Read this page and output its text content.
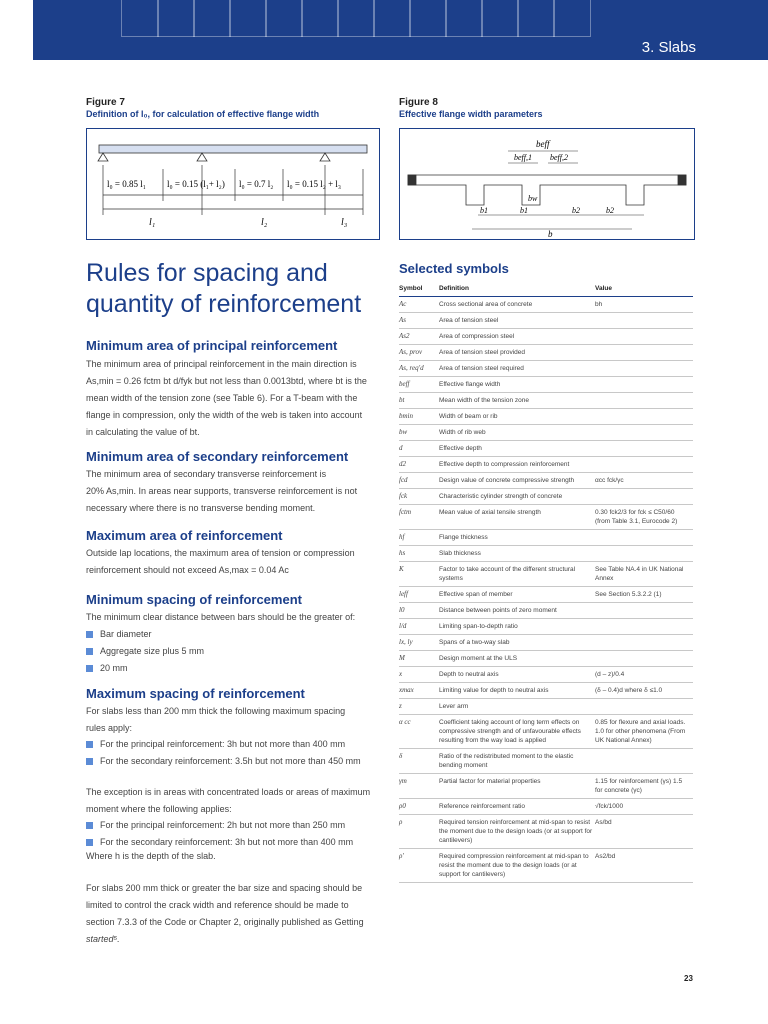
3. Slabs
Figure 7
Definition of l₀, for calculation of effective flange width
l₀ = 0.85 l₁ l₀ = 0.15 (l₁+ l₂) l₀ = 0.7 l₂ l₀ = 0.15 l₂ + l₃
l₁	l₂	l₃
Figure 8
Effective flange width parameters
beff
beff,1 beff,2
bw
b1	b1	b2	b2
b
Rules for spacing and
quantity of reinforcement
Minimum area of principal reinforcement
The minimum area of principal reinforcement in the main direction is
As,min = 0.26 fctm bt d/fyk but not less than 0.0013btd, where bt is the
mean width of the tension zone (see Table 6). For a T-beam with the
flange in compression, only the width of the web is taken into account
in calculating the value of bt.
Minimum area of secondary reinforcement
The minimum area of secondary transverse reinforcement is
20% As,min. In areas near supports, transverse reinforcement is not
necessary where there is no transverse bending moment.
Maximum area of reinforcement
Outside lap locations, the maximum area of tension or compression
reinforcement should not exceed As,max = 0.04 Ac
Minimum spacing of reinforcement
The minimum clear distance between bars should be the greater of:
Bar diameter
Aggregate size plus 5 mm
20 mm
Maximum spacing of reinforcement
For slabs less than 200 mm thick the following maximum spacing
rules apply:
For the principal reinforcement: 3h but not more than 400 mm
For the secondary reinforcement: 3.5h but not more than 450 mm
The exception is in areas with concentrated loads or areas of maximum
moment where the following applies:
For the principal reinforcement: 2h but not more than 250 mm
For the secondary reinforcement: 3h but not more than 400 mm
Where h is the depth of the slab.
For slabs 200 mm thick or greater the bar size and spacing should be
limited to control the crack width and reference should be made to
section 7.3.3 of the Code or Chapter 2, originally published as Getting
started⁵.
Selected symbols
Symbol	Definition	Value
Ac	Cross sectional area of concrete	bh
As	Area of tension steel	
As2	Area of compression steel	
As, prov	Area of tension steel provided	
As, req'd	Area of tension steel required	
beff	Effective flange width	
bt	Mean width of the tension zone	
bmin	Width of beam or rib	
bw	Width of rib web	
d	Effective depth	
d2	Effective depth to compression reinforcement	
fcd	Design value of concrete compressive strength	αcc fck/γc
fck	Characteristic cylinder strength of concrete	
fctm	Mean value of axial tensile strength	0.30 fck2/3 for fck ≤ C50/60 (from Table 3.1, Eurocode 2)
hf	Flange thickness	
hs	Slab thickness	
K	Factor to take account of the different structural systems	See Table NA.4 in UK National Annex
leff	Effective span of member	See Section 5.3.2.2 (1)
l0	Distance between points of zero moment	
l/d	Limiting span-to-depth ratio	
lx, ly	Spans of a two-way slab	
M	Design moment at the ULS	
x	Depth to neutral axis	(d – z)/0.4
xmax	Limiting value for depth to neutral axis	(δ – 0.4)d where δ ≤1.0
z	Lever arm	
α cc	Coefficient taking account of long term effects on compressive strength and of unfavourable effects resulting from the way load is applied	0.85 for flexure and axial loads. 1.0 for other phenomena (From UK National Annex)
δ	Ratio of the redistributed moment to the elastic bending moment	
γm	Partial factor for material properties	1.15 for reinforcement (γs) 1.5 for concrete (γc)
ρ0	Reference reinforcement ratio	√fck/1000
ρ	Required tension reinforcement at mid-span to resist the moment due to the design loads (or at support for cantilevers)	As/bd
ρ'	Required compression reinforcement at mid-span to resist the moment due to the design loads (or at support for cantilevers)	As2/bd
23
